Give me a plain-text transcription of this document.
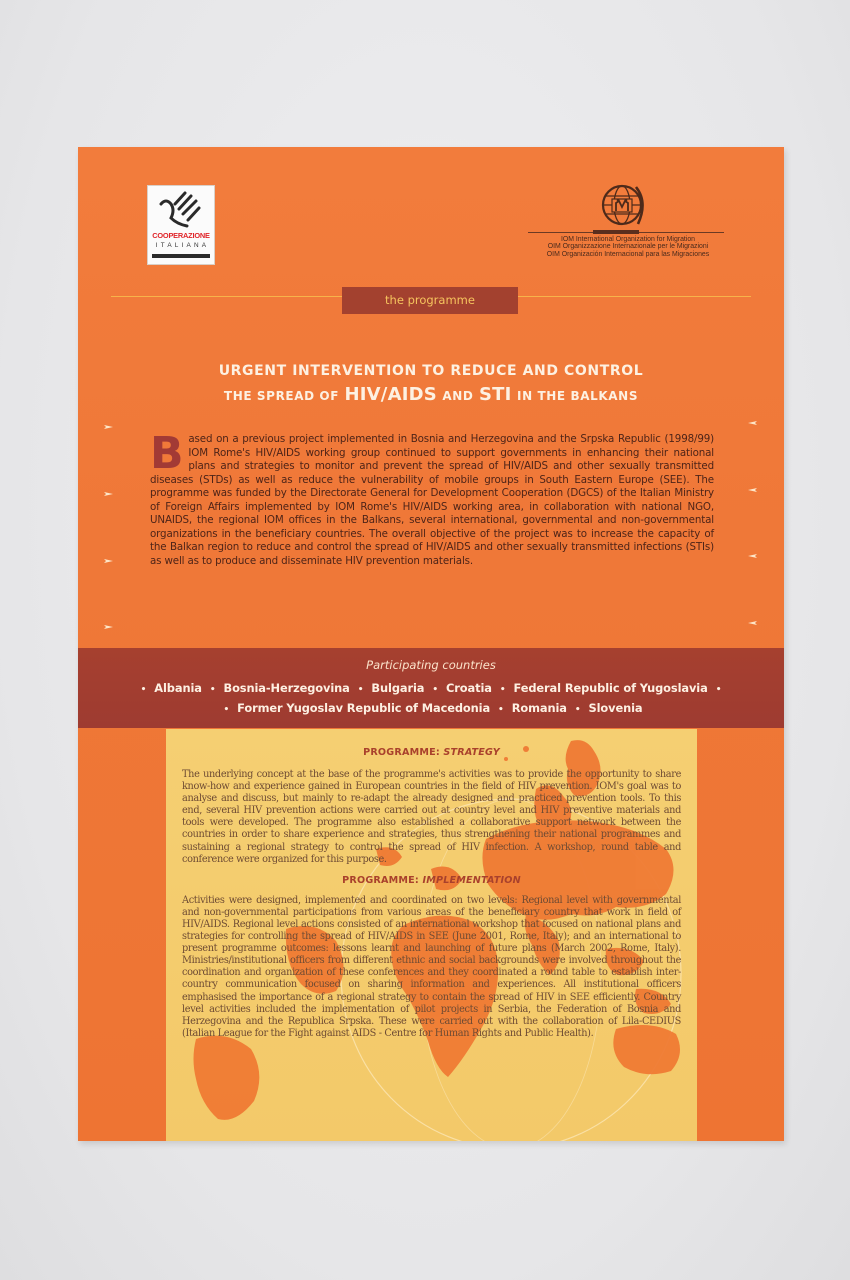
COOPERAZIONE
ITALIANA
IOM International Organization for Migration
OIM Organizzazione Internazionale per le Migrazioni
OIM Organización Internacional para las Migraciones
the programme
URGENT INTERVENTION TO REDUCE AND CONTROL
THE SPREAD OF HIV/AIDS AND STI IN THE BALKANS
Based on a previous project implemented in Bosnia and Herzegovina and the Srpska Republic (1998/99) IOM Rome's HIV/AIDS working group continued to support governments in enhancing their national plans and strategies to monitor and prevent the spread of HIV/AIDS and other sexually transmitted diseases (STDs) as well as reduce the vulnerability of mobile groups in South Eastern Europe (SEE). The programme was funded by the Directorate General for Development Cooperation (DGCS) of the Italian Ministry of Foreign Affairs implemented by IOM Rome's HIV/AIDS working area, in collaboration with national NGO, UNAIDS, the regional IOM offices in the Balkans, several international, governmental and non-governmental organizations in the beneficiary countries. The overall objective of the project was to increase the capacity of the Balkan region to reduce and control the spread of HIV/AIDS and other sexually transmitted infections (STIs) as well as to produce and disseminate HIV prevention materials.
Participating countries
• Albania • Bosnia-Herzegovina • Bulgaria • Croatia • Federal Republic of Yugoslavia •
• Former Yugoslav Republic of Macedonia • Romania • Slovenia
PROGRAMME: STRATEGY
The underlying concept at the base of the programme's activities was to provide the opportunity to share know-how and experience gained in European countries in the field of HIV prevention. IOM's goal was to analyse and discuss, but mainly to re-adapt the already designed and practiced prevention tools. To this end, several HIV prevention actions were carried out at country level and HIV preventive materials and tools were developed. The programme also established a collaborative support network between the countries in order to share experience and strategies, thus strengthening their national programmes and sustaining a regional strategy to control the spread of HIV infection. A workshop, round table and conference were organized for this purpose.
PROGRAMME: IMPLEMENTATION
Activities were designed, implemented and coordinated on two levels: Regional level with governmental and non-governmental participations from various areas of the beneficiary country that work in field of HIV/AIDS. Regional level actions consisted of an international workshop that focused on national plans and strategies for controlling the spread of HIV/AIDS in SEE (June 2001, Rome, Italy); and an international to present programme outcomes: lessons learnt and launching of future plans (March 2002, Rome, Italy). Ministries/institutional officers from different ethnic and social backgrounds were involved throughout the coordination and organization of these conferences and they coordinated a round table to establish inter-country communication focused on sharing information and experiences. All institutional officers emphasised the importance of a regional strategy to contain the spread of HIV in SEE efficiently. Country level activities included the implementation of pilot projects in Serbia, the Federation of Bosnia and Herzegovina and the Republica Srpska. These were carried out with the collaboration of Lila-CEDIUS (Italian League for the Fight against AIDS - Centre for Human Rights and Public Health).
